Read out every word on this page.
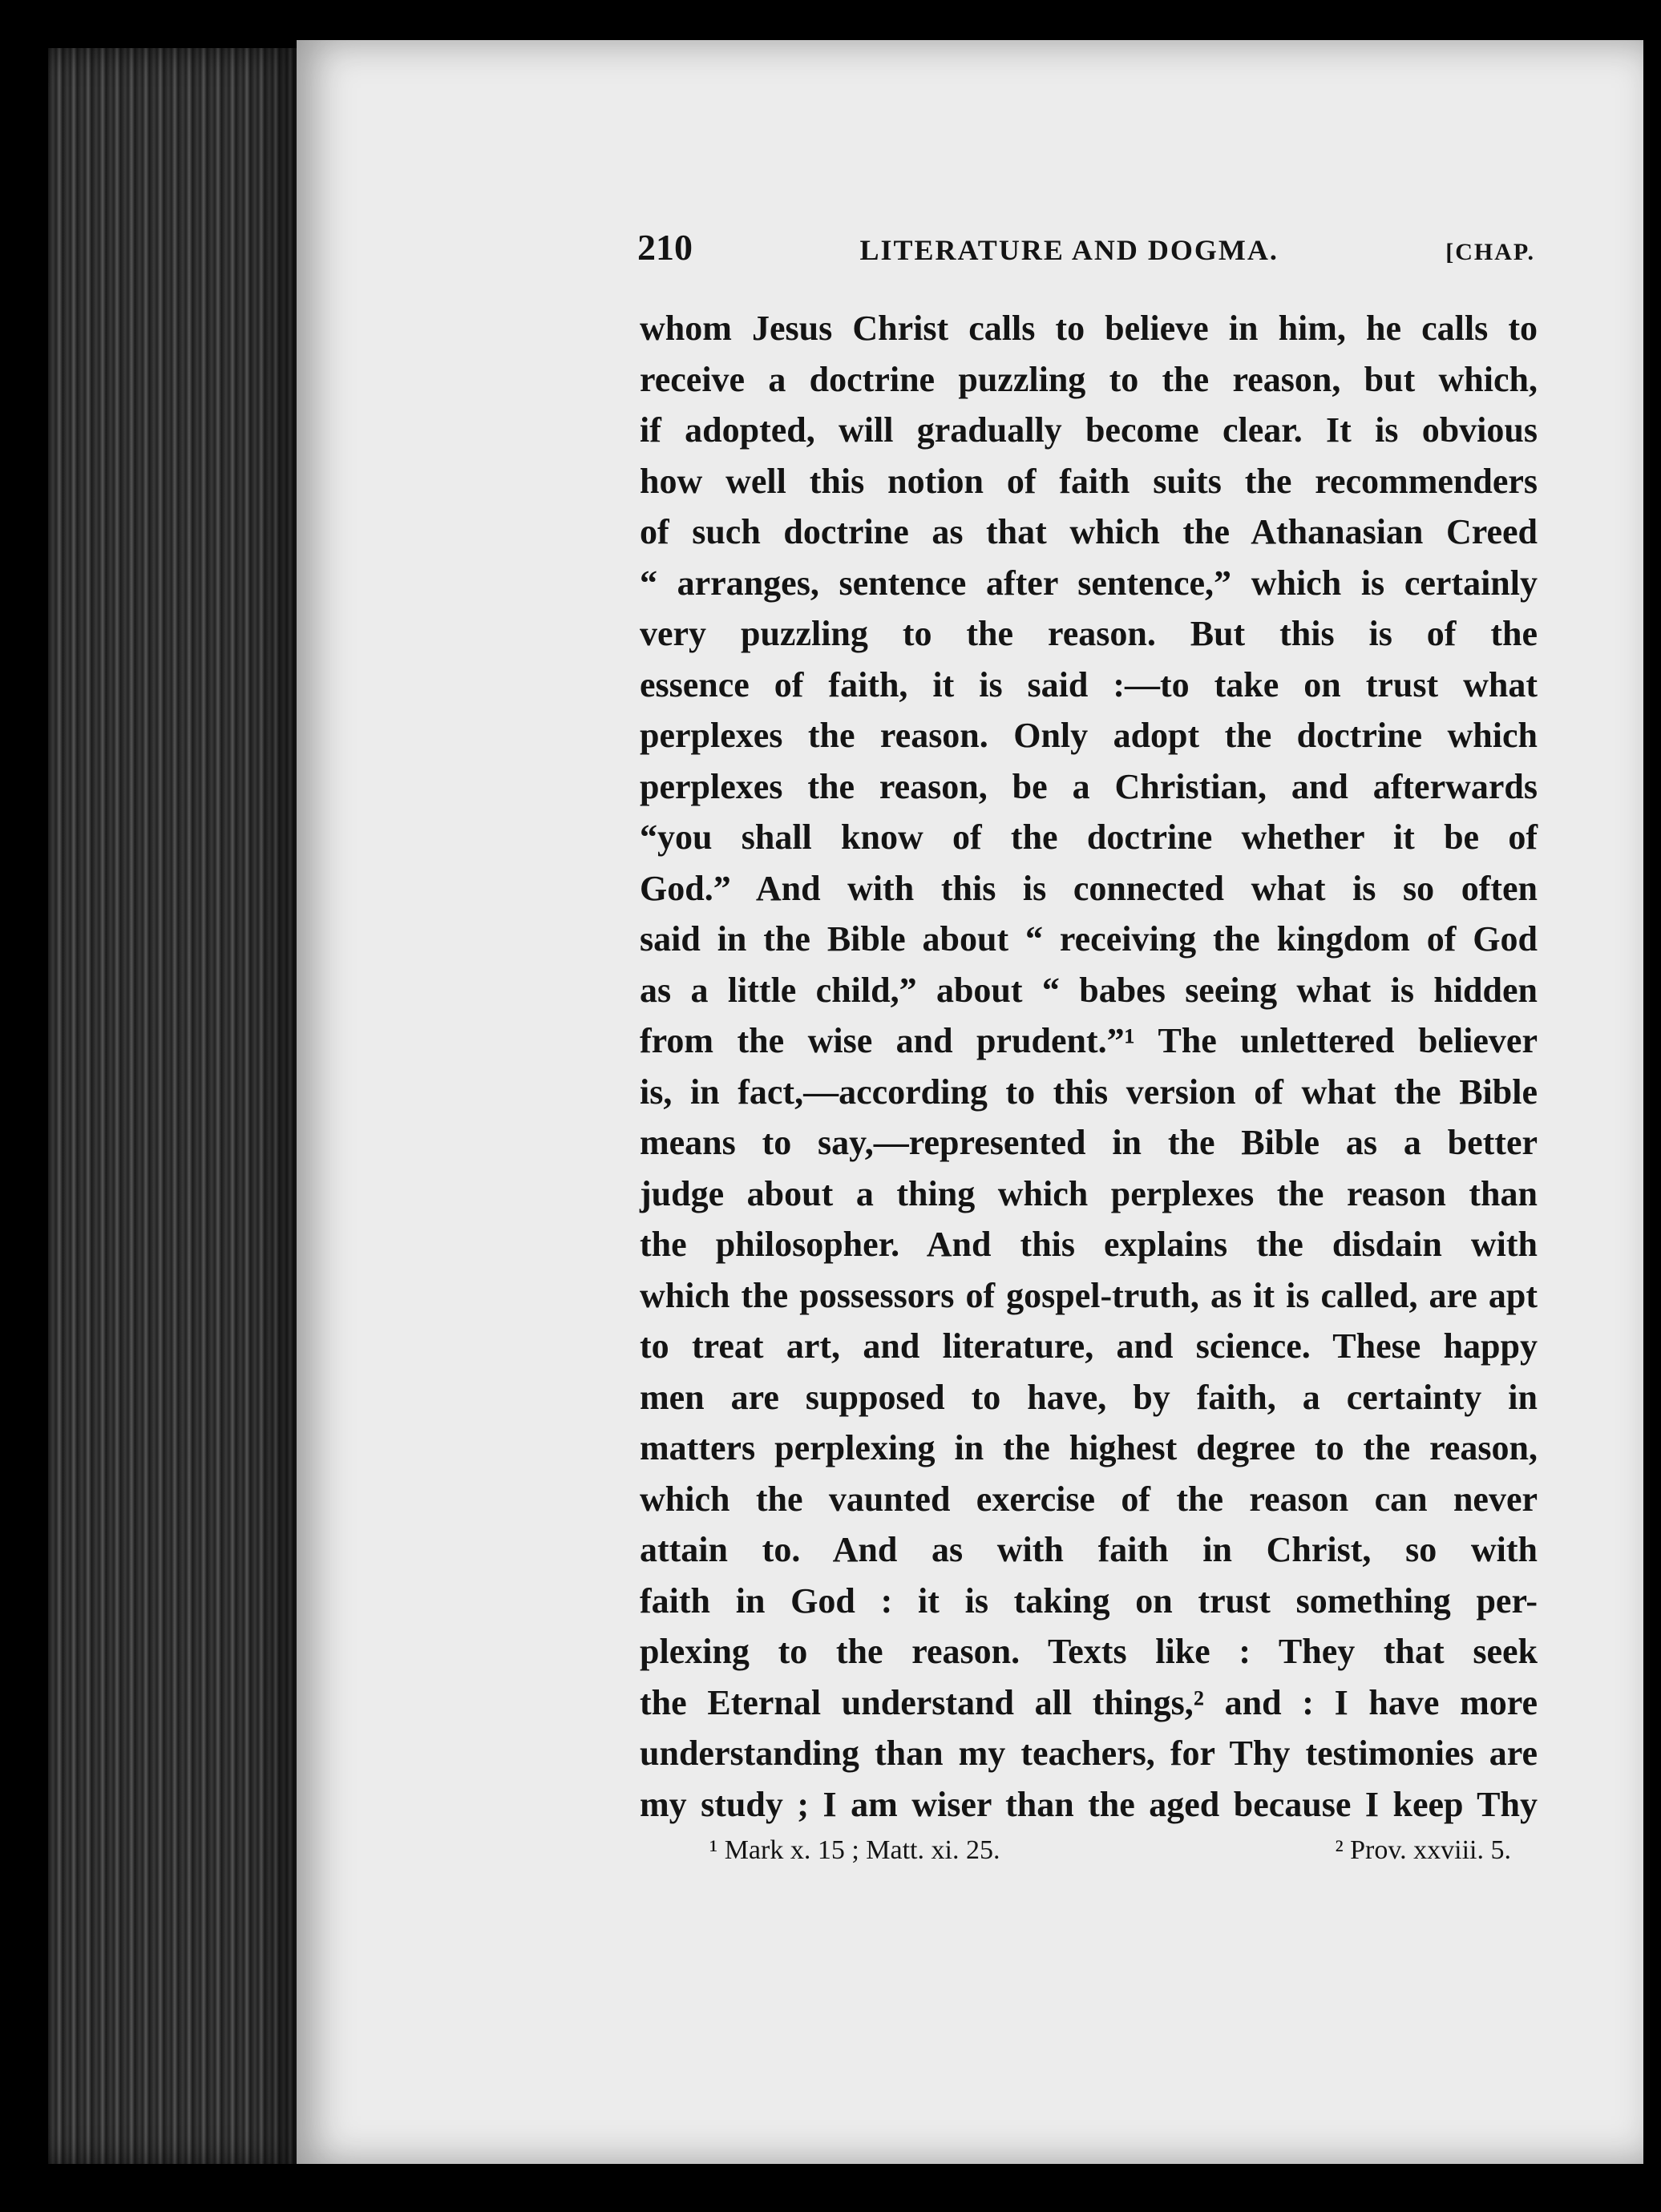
210	LITERATURE AND DOGMA.	[CHAP.
whom Jesus Christ calls to believe in him, he calls to
receive a doctrine puzzling to the reason, but which,
if adopted, will gradually become clear. It is obvious
how well this notion of faith suits the recommenders
of such doctrine as that which the Athanasian Creed
“ arranges, sentence after sentence,” which is certainly
very puzzling to the reason. But this is of the
essence of faith, it is said :—to take on trust what
perplexes the reason. Only adopt the doctrine which
perplexes the reason, be a Christian, and afterwards
“you shall know of the doctrine whether it be of
God.” And with this is connected what is so often
said in the Bible about “ receiving the kingdom of God
as a little child,” about “ babes seeing what is hidden
from the wise and prudent.”¹ The unlettered believer
is, in fact,—according to this version of what the Bible
means to say,—represented in the Bible as a better
judge about a thing which perplexes the reason than
the philosopher. And this explains the disdain with
which the possessors of gospel-truth, as it is called, are apt
to treat art, and literature, and science. These happy
men are supposed to have, by faith, a certainty in
matters perplexing in the highest degree to the reason,
which the vaunted exercise of the reason can never
attain to. And as with faith in Christ, so with
faith in God : it is taking on trust something per-
plexing to the reason. Texts like : They that seek
the Eternal understand all things,² and : I have more
understanding than my teachers, for Thy testimonies are
my study ; I am wiser than the aged because I keep Thy
¹ Mark x. 15 ; Matt. xi. 25.	² Prov. xxviii. 5.
